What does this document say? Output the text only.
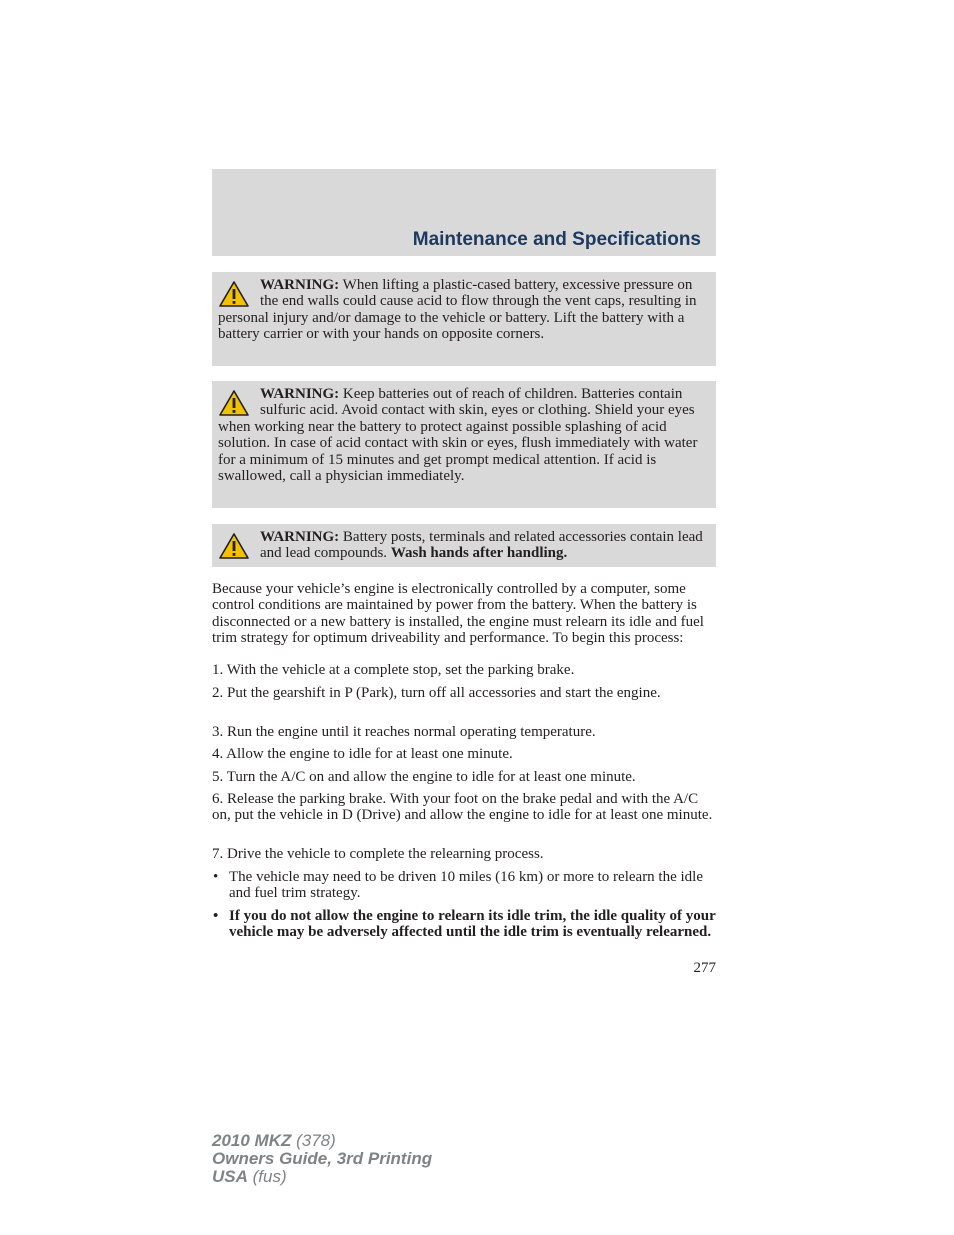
Maintenance and Specifications
WARNING: When lifting a plastic-cased battery, excessive pressure on the end walls could cause acid to flow through the vent caps, resulting in personal injury and/or damage to the vehicle or battery. Lift the battery with a battery carrier or with your hands on opposite corners.
WARNING: Keep batteries out of reach of children. Batteries contain sulfuric acid. Avoid contact with skin, eyes or clothing. Shield your eyes when working near the battery to protect against possible splashing of acid solution. In case of acid contact with skin or eyes, flush immediately with water for a minimum of 15 minutes and get prompt medical attention. If acid is swallowed, call a physician immediately.
WARNING: Battery posts, terminals and related accessories contain lead and lead compounds. Wash hands after handling.
Because your vehicle’s engine is electronically controlled by a computer, some control conditions are maintained by power from the battery. When the battery is disconnected or a new battery is installed, the engine must relearn its idle and fuel trim strategy for optimum driveability and performance. To begin this process:
1. With the vehicle at a complete stop, set the parking brake.
2. Put the gearshift in P (Park), turn off all accessories and start the engine.
3. Run the engine until it reaches normal operating temperature.
4. Allow the engine to idle for at least one minute.
5. Turn the A/C on and allow the engine to idle for at least one minute.
6. Release the parking brake. With your foot on the brake pedal and with the A/C on, put the vehicle in D (Drive) and allow the engine to idle for at least one minute.
7. Drive the vehicle to complete the relearning process.
• The vehicle may need to be driven 10 miles (16 km) or more to relearn the idle and fuel trim strategy.
• If you do not allow the engine to relearn its idle trim, the idle quality of your vehicle may be adversely affected until the idle trim is eventually relearned.
277
2010 MKZ (378)
Owners Guide, 3rd Printing
USA (fus)
